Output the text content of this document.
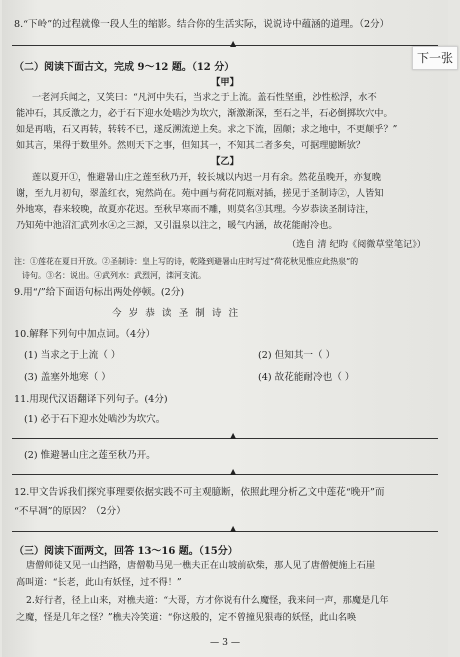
8.“下岭”的过程就像一段人生的缩影。结合你的生活实际，说说诗中蕴涵的道理。（2分）
▲
（二）阅读下面古文，完成 9～12 题。（12 分）
【甲】
一老河兵闻之，又笑曰：“凡河中失石，当求之于上流。盖石性坚重，沙性松浮，水不
能冲石，其反激之力，必于石下迎水处啮沙为坎穴，渐激渐深，至石之半，石必倒掷坎穴中。
如是再啮，石又再转，转转不已，遂反溯流逆上矣。求之下流，固颠；求之地中，不更颠乎？”
如其言，果得于数里外。然则天下之事，但知其一，不知其二者多矣，可据理臆断欤？
【乙】
莲以夏开①，惟避暑山庄之莲至秋乃开，较长城以内迟一月有余。然花虽晚开，亦复晚
谢，至九月初旬，翠盖红衣，宛然尚在。苑中画与荷花同瓶对插，搓见于圣制诗②，人皆知
外地寒，春来较晚，故夏亦花迟。至秋早寒而不雕，则莫名③其理。今岁恭读圣制诗注，
乃知苑中池沼汇武列水④之三源，又引温泉以注之，暖气内涵，故花能耐冷也。
（选自 清 纪昀《阅微草堂笔记》）
注：①莲花在夏日开放。②圣制诗：皇上写的诗，乾隆到避暑山庄时写过“荷花秋见惟应此热泉”的
诗句。③名：说出。④武列水：武烈河，滦河支流。
9.用“/”给下面语句标出两处停顿。(2分)
今 岁 恭 读 圣 制 诗 注
10.解释下列句中加点词。（4分）
(1) 当求之于上流（ ）	(2) 但知其一（ ）
(3) 盖塞外地寒（ ）	(4) 故花能耐冷也（ ）
11.用现代汉语翻译下列句子。(4分)
(1) 必于石下迎水处啮沙为坎穴。
▲
(2) 惟避暑山庄之莲至秋乃开。
▲
12.甲文告诉我们探究事理要依据实践不可主观臆断，依照此理分析乙文中莲花“晚开”而
“不早凋”的原因？（2分）
▲
（三）阅读下面两文，回答 13～16 题。（15分）
唐僧师徒又见一山挡路，唐僧勒马见一樵夫正在山坡前砍柴，那人见了唐僧便施上石崖
高叫道：“长老，此山有妖怪，过不得！”
2.好行者，径上山来，对樵夫道：“大哥，方才你说有什么魔怪，我来问一声，那魔是几年
之魔，怪是几年之怪？”樵夫冷笑道：“你这般的，定不曾撞见狠毒的妖怪，此山名唤
— 3 —
下一张
